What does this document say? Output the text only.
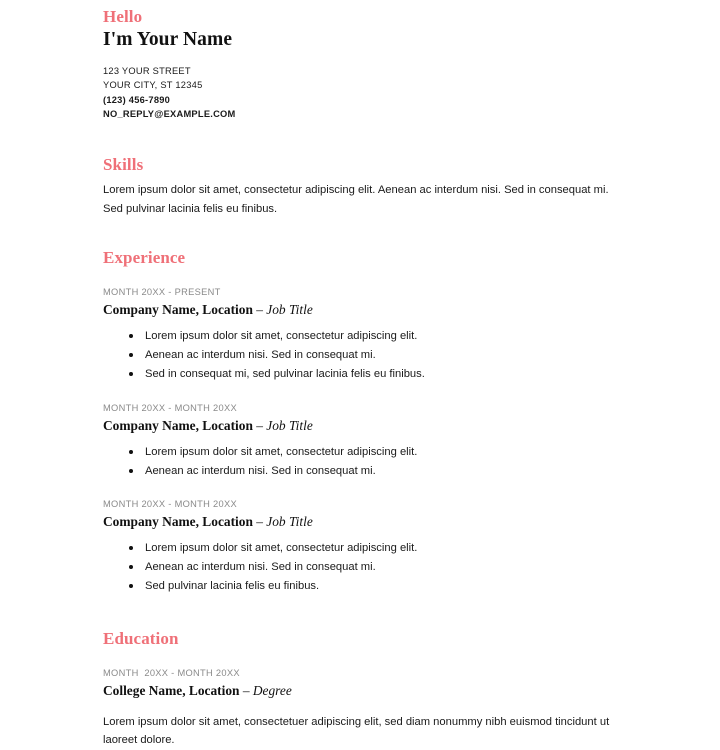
Hello
I'm Your Name
123 YOUR STREET
YOUR CITY, ST 12345
(123) 456-7890
NO_REPLY@EXAMPLE.COM
Skills

Lorem ipsum dolor sit amet, consectetur adipiscing elit. Aenean ac interdum nisi. Sed in consequat mi. Sed pulvinar lacinia felis eu finibus.

Experience
MONTH 20XX - PRESENT
Company Name, Location – Job Title
Lorem ipsum dolor sit amet, consectetur adipiscing elit.
Aenean ac interdum nisi. Sed in consequat mi.
Sed in consequat mi, sed pulvinar lacinia felis eu finibus.
MONTH 20XX - MONTH 20XX
Company Name, Location – Job Title
Lorem ipsum dolor sit amet, consectetur adipiscing elit.
Aenean ac interdum nisi. Sed in consequat mi.
MONTH 20XX - MONTH 20XX
Company Name, Location – Job Title
Lorem ipsum dolor sit amet, consectetur adipiscing elit.
Aenean ac interdum nisi. Sed in consequat mi.
Sed pulvinar lacinia felis eu finibus.
Education
MONTH  20XX - MONTH 20XX
College Name, Location – Degree

Lorem ipsum dolor sit amet, consectetuer adipiscing elit, sed diam nonummy nibh euismod tincidunt ut laoreet dolore.
